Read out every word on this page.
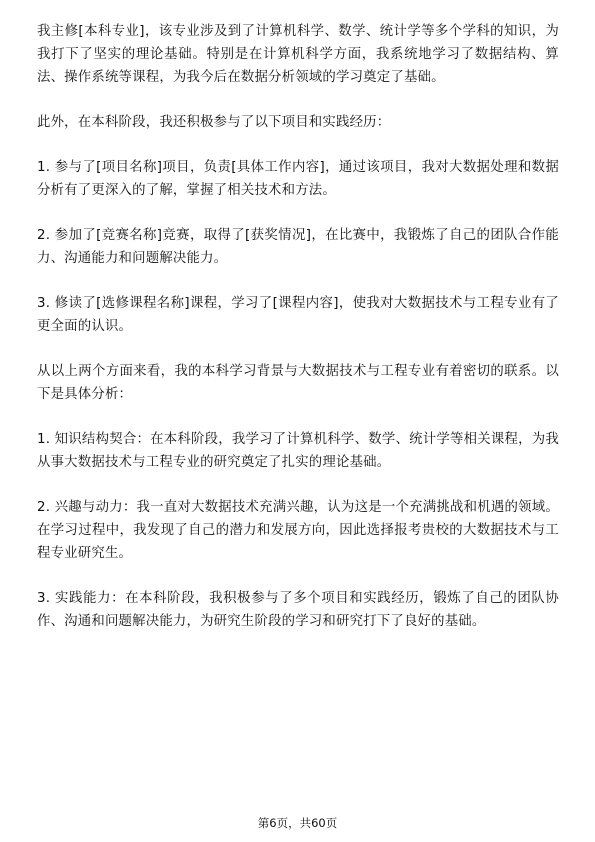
我主修[本科专业]，该专业涉及到了计算机科学、数学、统计学等多个学科的知识，为我打下了坚实的理论基础。特别是在计算机科学方面，我系统地学习了数据结构、算法、操作系统等课程，为我今后在数据分析领域的学习奠定了基础。

此外，在本科阶段，我还积极参与了以下项目和实践经历：

1. 参与了[项目名称]项目，负责[具体工作内容]，通过该项目，我对大数据处理和数据分析有了更深入的了解，掌握了相关技术和方法。

2. 参加了[竞赛名称]竞赛，取得了[获奖情况]，在比赛中，我锻炼了自己的团队合作能力、沟通能力和问题解决能力。

3. 修读了[选修课程名称]课程，学习了[课程内容]，使我对大数据技术与工程专业有了更全面的认识。

从以上两个方面来看，我的本科学习背景与大数据技术与工程专业有着密切的联系。以下是具体分析：

1. 知识结构契合：在本科阶段，我学习了计算机科学、数学、统计学等相关课程，为我从事大数据技术与工程专业的研究奠定了扎实的理论基础。

2. 兴趣与动力：我一直对大数据技术充满兴趣，认为这是一个充满挑战和机遇的领域。在学习过程中，我发现了自己的潜力和发展方向，因此选择报考贵校的大数据技术与工程专业研究生。

3. 实践能力：在本科阶段，我积极参与了多个项目和实践经历，锻炼了自己的团队协作、沟通和问题解决能力，为研究生阶段的学习和研究打下了良好的基础。

第6页，共60页
